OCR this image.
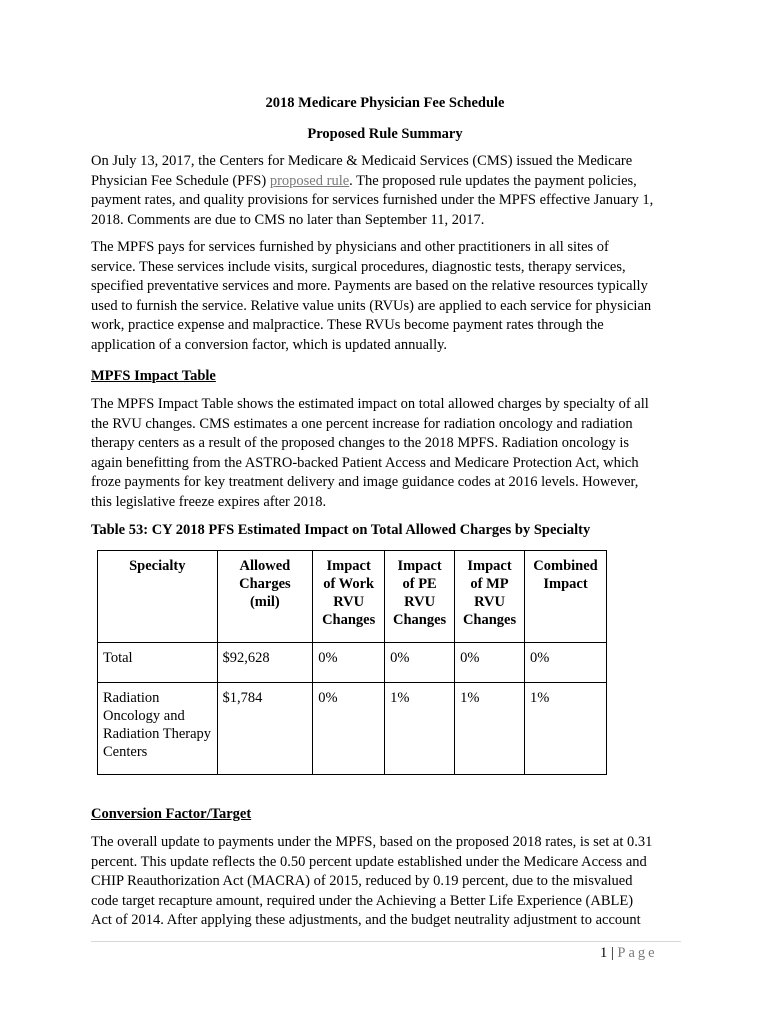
2018 Medicare Physician Fee Schedule
Proposed Rule Summary
On July 13, 2017, the Centers for Medicare & Medicaid Services (CMS) issued the Medicare
Physician Fee Schedule (PFS) proposed rule. The proposed rule updates the payment policies,
payment rates, and quality provisions for services furnished under the MPFS effective January 1,
2018. Comments are due to CMS no later than September 11, 2017.
The MPFS pays for services furnished by physicians and other practitioners in all sites of
service. These services include visits, surgical procedures, diagnostic tests, therapy services,
specified preventative services and more. Payments are based on the relative resources typically
used to furnish the service. Relative value units (RVUs) are applied to each service for physician
work, practice expense and malpractice. These RVUs become payment rates through the
application of a conversion factor, which is updated annually.
MPFS Impact Table
The MPFS Impact Table shows the estimated impact on total allowed charges by specialty of all
the RVU changes. CMS estimates a one percent increase for radiation oncology and radiation
therapy centers as a result of the proposed changes to the 2018 MPFS. Radiation oncology is
again benefitting from the ASTRO-backed Patient Access and Medicare Protection Act, which
froze payments for key treatment delivery and image guidance codes at 2016 levels. However,
this legislative freeze expires after 2018.
Table 53: CY 2018 PFS Estimated Impact on Total Allowed Charges by Specialty
Specialty	Allowed
Charges
(mil)	Impact
of Work
RVU
Changes	Impact
of PE
RVU
Changes	Impact
of MP
RVU
Changes	Combined
Impact
Total	$92,628	0%	0%	0%	0%
Radiation
Oncology and
Radiation Therapy
Centers	$1,784	0%	1%	1%	1%
Conversion Factor/Target
The overall update to payments under the MPFS, based on the proposed 2018 rates, is set at 0.31
percent. This update reflects the 0.50 percent update established under the Medicare Access and
CHIP Reauthorization Act (MACRA) of 2015, reduced by 0.19 percent, due to the misvalued
code target recapture amount, required under the Achieving a Better Life Experience (ABLE)
Act of 2014. After applying these adjustments, and the budget neutrality adjustment to account
1 | Page
